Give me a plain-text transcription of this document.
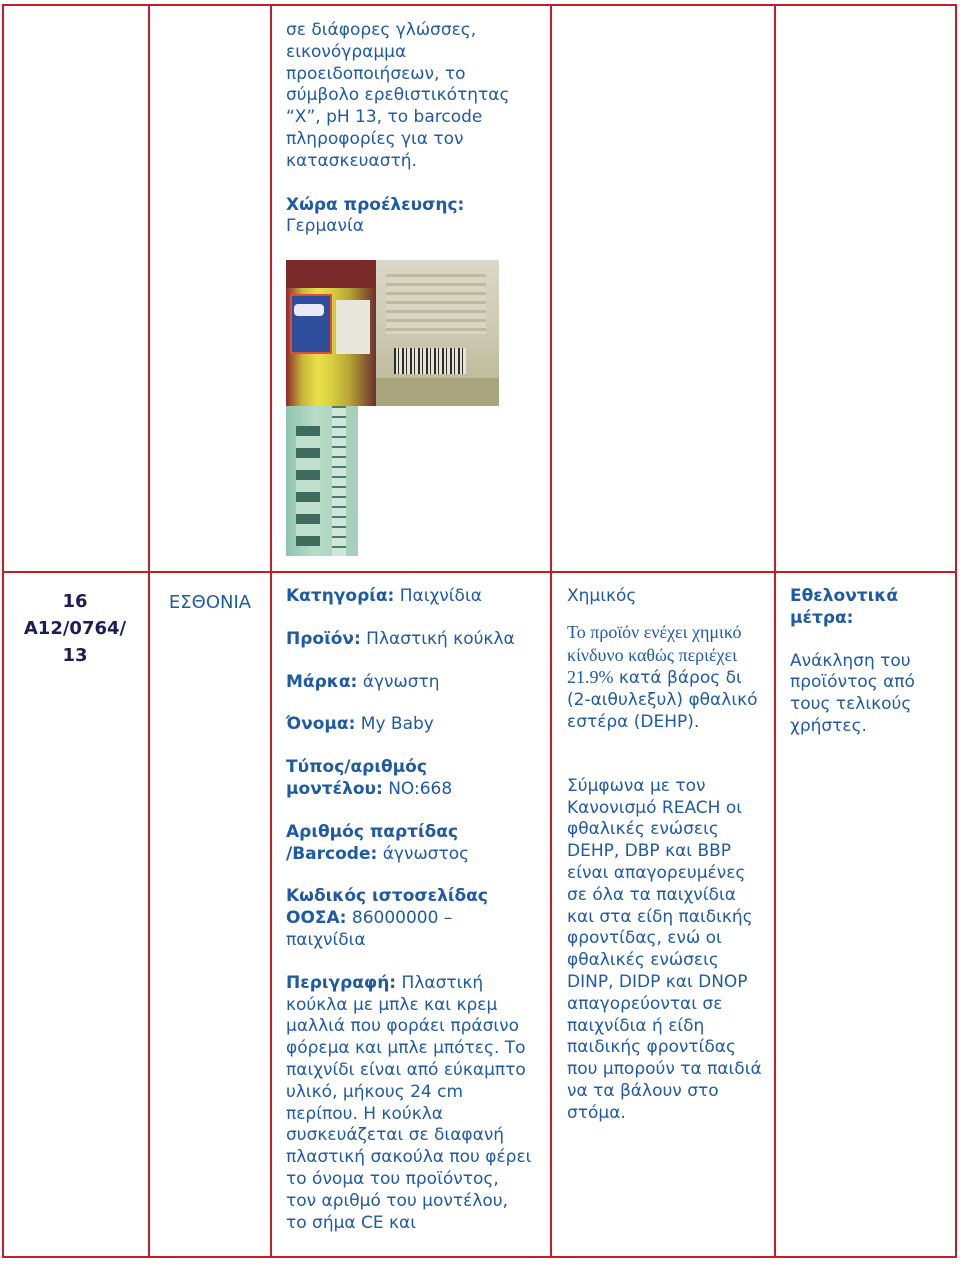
σε διάφορες γλώσσες, εικονόγραμμα προειδοποιήσεων, το σύμβολο ερεθιστικότητας “Χ”, pH 13, το barcode πληροφορίες για τον κατασκευαστή.

Χώρα προέλευσης:
Γερμανία

16
A12/0764/
13
ΕΣΘΟΝΙΑ	Κατηγορία: Παιχνίδια

Προϊόν: Πλαστική κούκλα

Μάρκα: άγνωστη

Όνομα: My Baby

Τύπος/αριθμός μοντέλου: NO:668

Αριθμός παρτίδας /Barcode: άγνωστος

Κωδικός ιστοσελίδας ΟΟΣΑ: 86000000 – παιχνίδια

Περιγραφή: Πλαστική κούκλα με μπλε και κρεμ μαλλιά που φοράει πράσινο φόρεμα και μπλε μπότες. Το παιχνίδι είναι από εύκαμπτο υλικό, μήκους 24 cm περίπου. Η κούκλα συσκευάζεται σε διαφανή πλαστική σακούλα που φέρει το όνομα του προϊόντος, τον αριθμό του μοντέλου, το σήμα CE και

Χημικός

Το προϊόν ενέχει χημικό κίνδυνο καθώς περιέχει 21.9% κατά βάρος δι (2-αιθυλεξυλ) φθαλικό εστέρα (DEHP).

Σύμφωνα με τον Κανονισμό REACH οι φθαλικές ενώσεις DEHP, DBP και BBP είναι απαγορευμένες σε όλα τα παιχνίδια και στα είδη παιδικής φροντίδας, ενώ οι φθαλικές ενώσεις DINP, DIDP και DNOP απαγορεύονται σε παιχνίδια ή είδη παιδικής φροντίδας που μπορούν τα παιδιά να τα βάλουν στο στόμα.

Εθελοντικά μέτρα:

Ανάκληση του προϊόντος από τους τελικούς χρήστες.
